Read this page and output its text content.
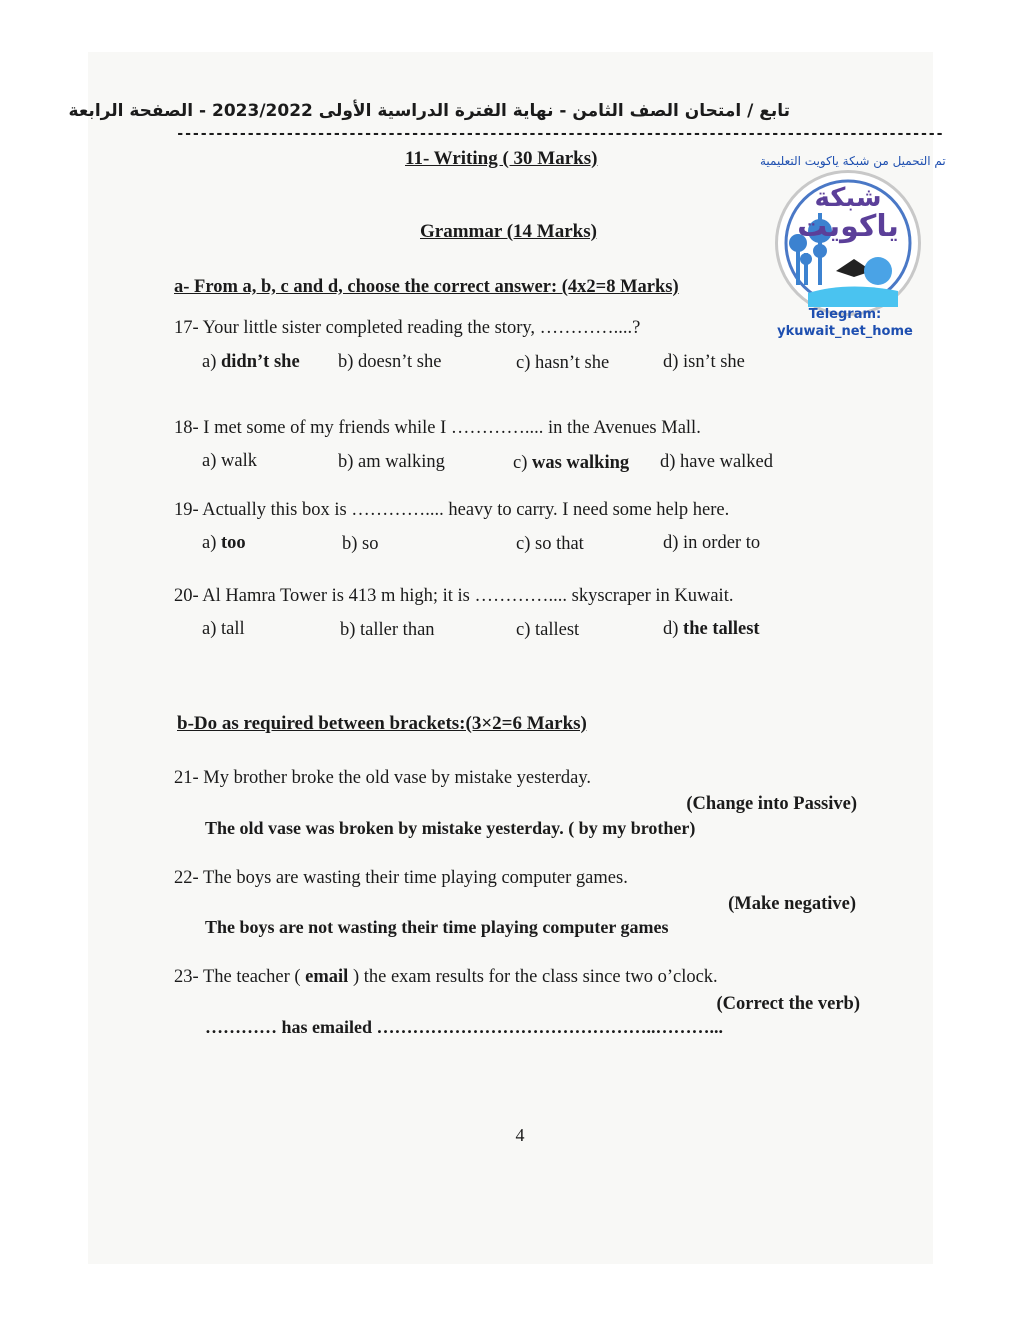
تابع / امتحان الصف الثامن - نهاية الفترة الدراسية الأولى 2023/2022 - الصفحة الرابعة
--------------------------------------------------------------------------------------------------
تم التحميل من شبكة ياكويت التعليمية
شبكة
ياكويت
Telegram:
ykuwait_net_home
11- Writing ( 30 Marks)
Grammar (14 Marks)
a- From a, b, c and d, choose the correct answer: (4x2=8 Marks)
17- Your little sister completed reading the story, …………....?
a) didn’t she b) doesn’t she	c) hasn’t she	d) isn’t she
18- I met some of my friends while I ………….... in the Avenues Mall.
a) walk	b) am walking	c) was walking d) have walked
19- Actually this box is ………….... heavy to carry. I need some help here.
a) too	b) so	c) so that	d) in order to
20- Al Hamra Tower is 413 m high; it is ………….... skyscraper in Kuwait.
a) tall	b) taller than	c) tallest	d) the tallest
b-Do as required between brackets:(3×2=6 Marks)
21- My brother broke the old vase by mistake yesterday.
(Change into Passive)
The old vase was broken by mistake yesterday. ( by my brother)
22- The boys are wasting their time playing computer games.
(Make negative)
The boys are not wasting their time playing computer games
23- The teacher ( email ) the exam results for the class since two o’clock.
(Correct the verb)
………… has emailed ………………………………………..………...
4
